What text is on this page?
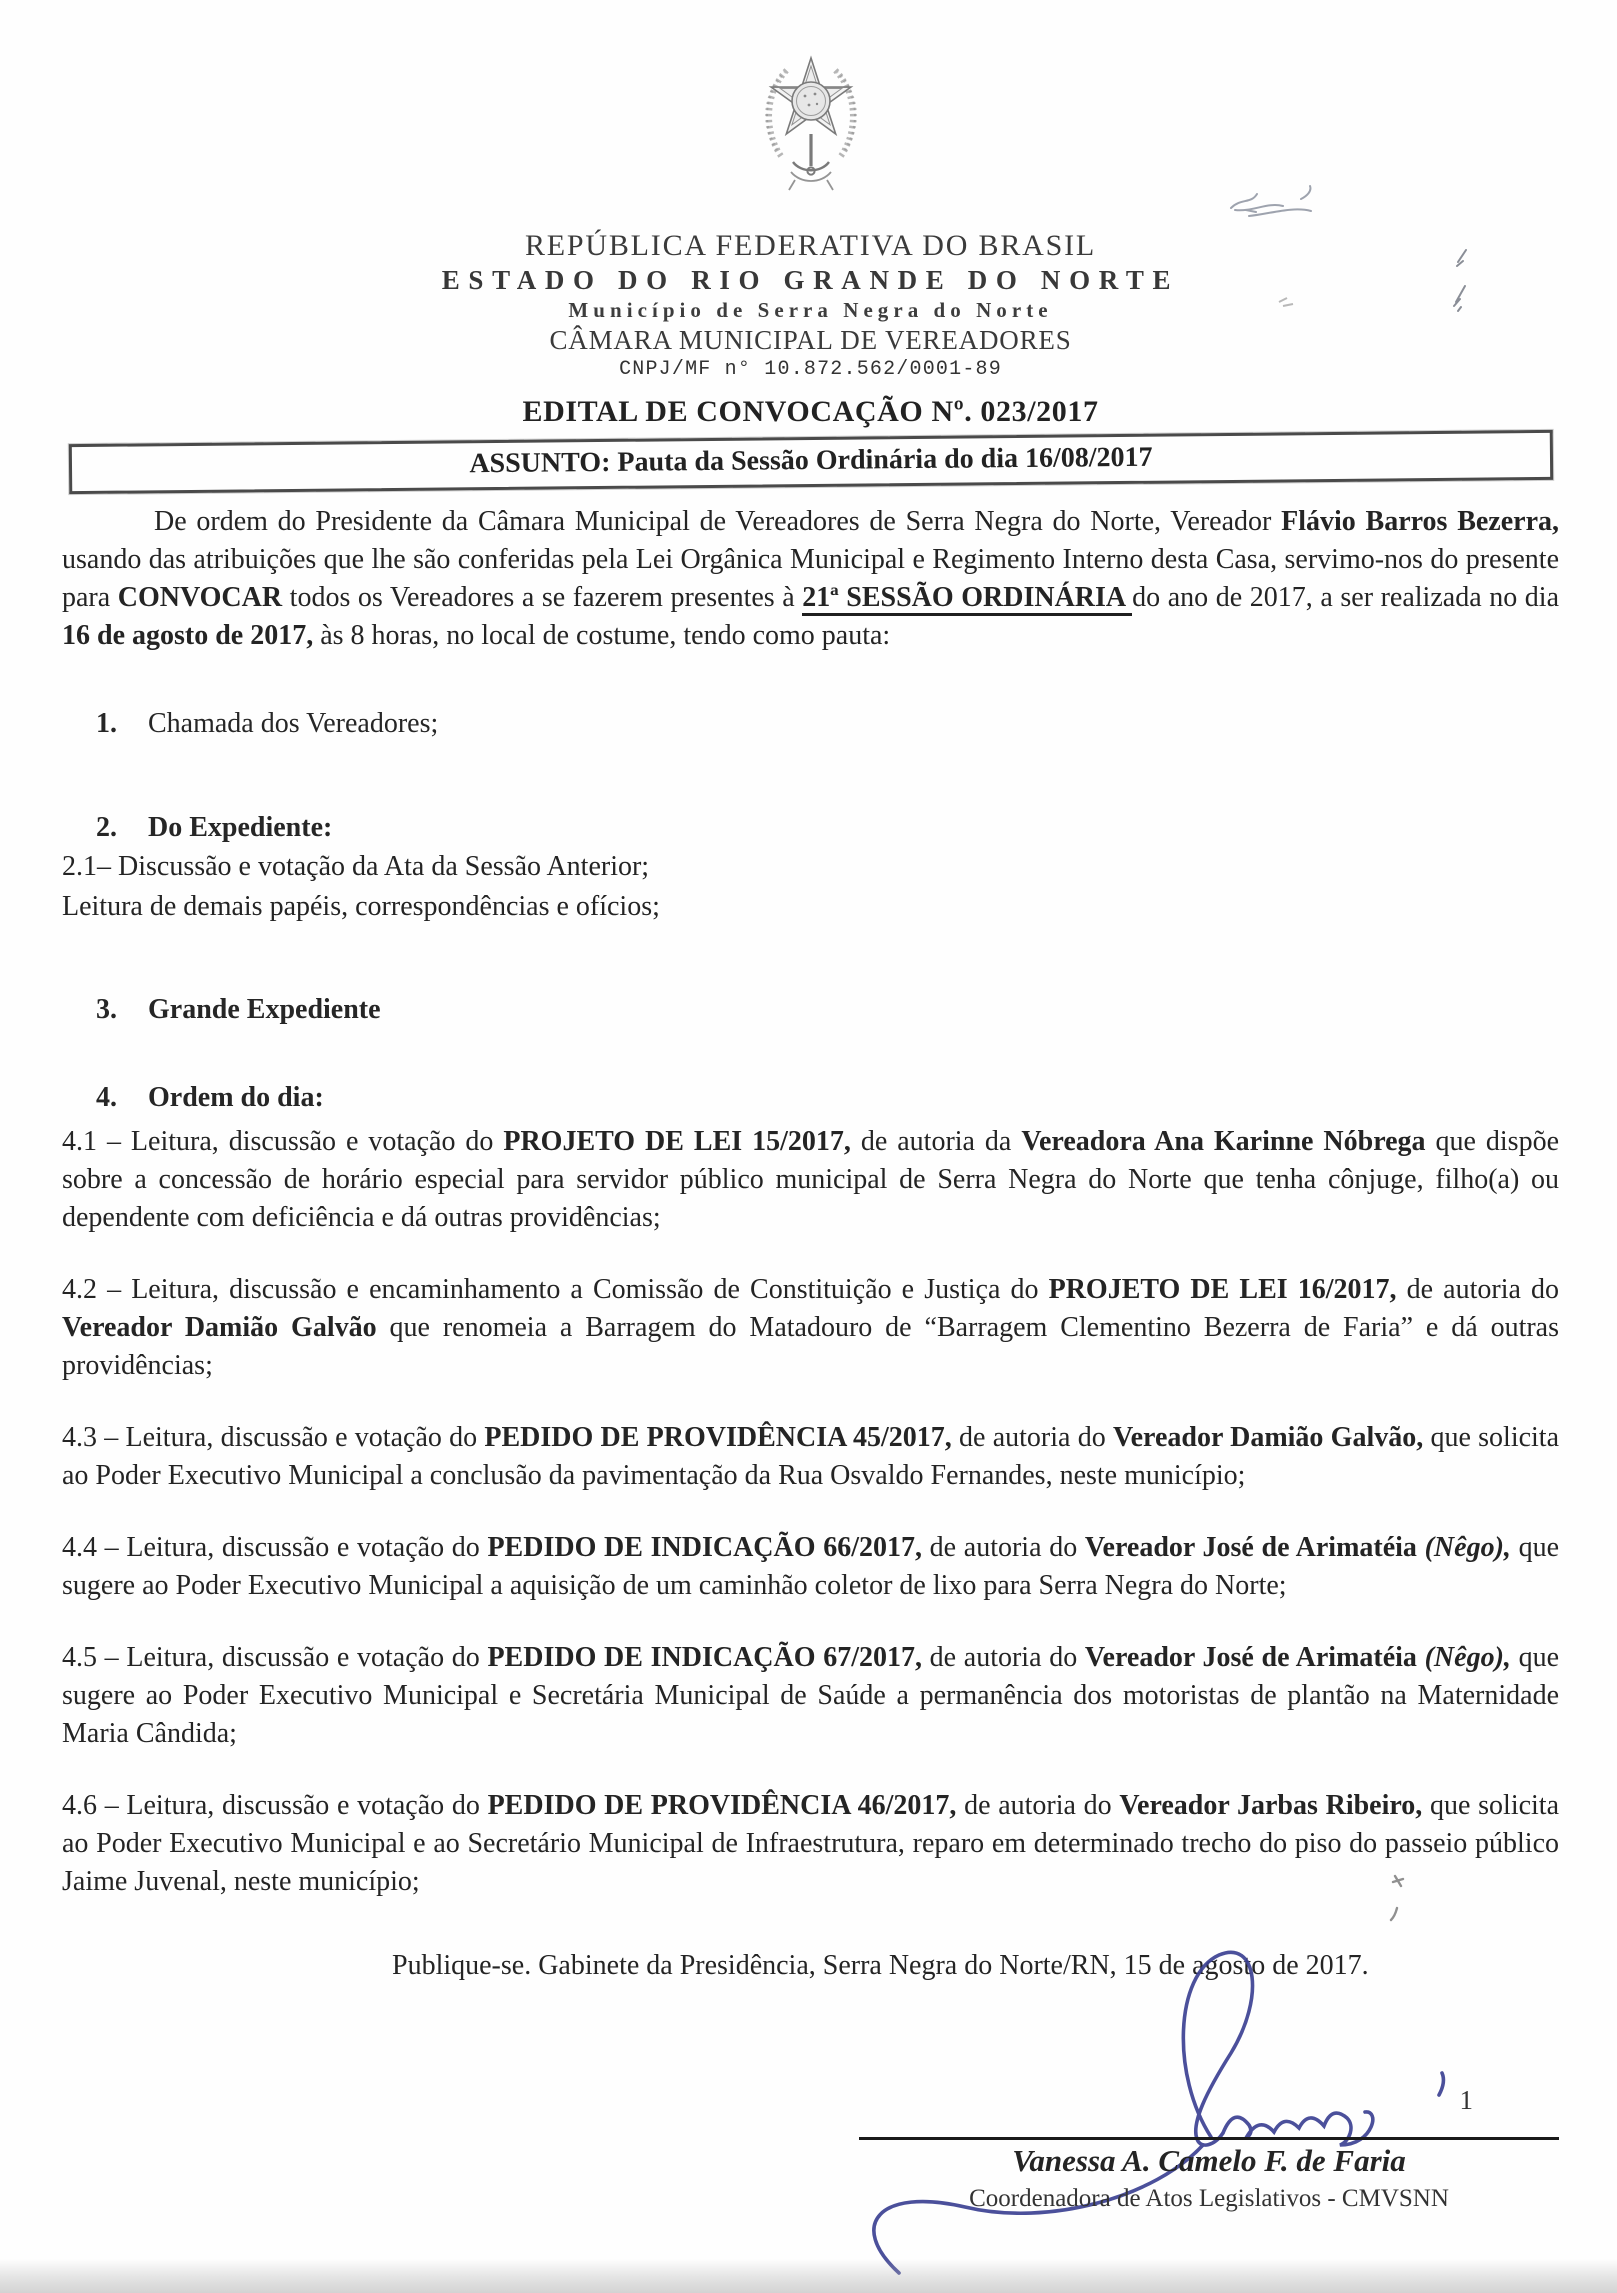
REPÚBLICA FEDERATIVA DO BRASIL
ESTADO DO RIO GRANDE DO NORTE
Município de Serra Negra do Norte
CÂMARA MUNICIPAL DE VEREADORES
CNPJ/MF n° 10.872.562/0001-89
EDITAL DE CONVOCAÇÃO Nº. 023/2017
ASSUNTO: Pauta da Sessão Ordinária do dia 16/08/2017

De ordem do Presidente da Câmara Municipal de Vereadores de Serra Negra do Norte, Vereador Flávio Barros Bezerra, usando das atribuições que lhe são conferidas pela Lei Orgânica Municipal e Regimento Interno desta Casa, servimo-nos do presente para CONVOCAR todos os Vereadores a se fazerem presentes à 21ª SESSÃO ORDINÁRIA do ano de 2017, a ser realizada no dia 16 de agosto de 2017, às 8 horas, no local de costume, tendo como pauta:

1.	Chamada dos Vereadores;
2.	Do Expediente:

2.1– Discussão e votação da Ata da Sessão Anterior;

Leitura de demais papéis, correspondências e ofícios;

3.	Grande Expediente
4.	Ordem do dia:

4.1 – Leitura, discussão e votação do PROJETO DE LEI 15/2017, de autoria da Vereadora Ana Karinne Nóbrega que dispõe sobre a concessão de horário especial para servidor público municipal de Serra Negra do Norte que tenha cônjuge, filho(a) ou dependente com deficiência e dá outras providências;

4.2 – Leitura, discussão e encaminhamento a Comissão de Constituição e Justiça do PROJETO DE LEI 16/2017, de autoria do Vereador Damião Galvão que renomeia a Barragem do Matadouro de “Barragem Clementino Bezerra de Faria” e dá outras providências;

4.3 – Leitura, discussão e votação do PEDIDO DE PROVIDÊNCIA 45/2017, de autoria do Vereador Damião Galvão, que solicita ao Poder Executivo Municipal a conclusão da pavimentação da Rua Osvaldo Fernandes, neste município;

4.4 – Leitura, discussão e votação do PEDIDO DE INDICAÇÃO 66/2017, de autoria do Vereador José de Arimatéia (Nêgo), que sugere ao Poder Executivo Municipal a aquisição de um caminhão coletor de lixo para Serra Negra do Norte;

4.5 – Leitura, discussão e votação do PEDIDO DE INDICAÇÃO 67/2017, de autoria do Vereador José de Arimatéia (Nêgo), que sugere ao Poder Executivo Municipal e Secretária Municipal de Saúde a permanência dos motoristas de plantão na Maternidade Maria Cândida;

4.6 – Leitura, discussão e votação do PEDIDO DE PROVIDÊNCIA 46/2017, de autoria do Vereador Jarbas Ribeiro, que solicita ao Poder Executivo Municipal e ao Secretário Municipal de Infraestrutura, reparo em determinado trecho do piso do passeio público Jaime Juvenal, neste município;

Publique-se. Gabinete da Presidência, Serra Negra do Norte/RN, 15 de agosto de 2017.

1
Vanessa A. Camelo F. de Faria
Coordenadora de Atos Legislativos - CMVSNN
